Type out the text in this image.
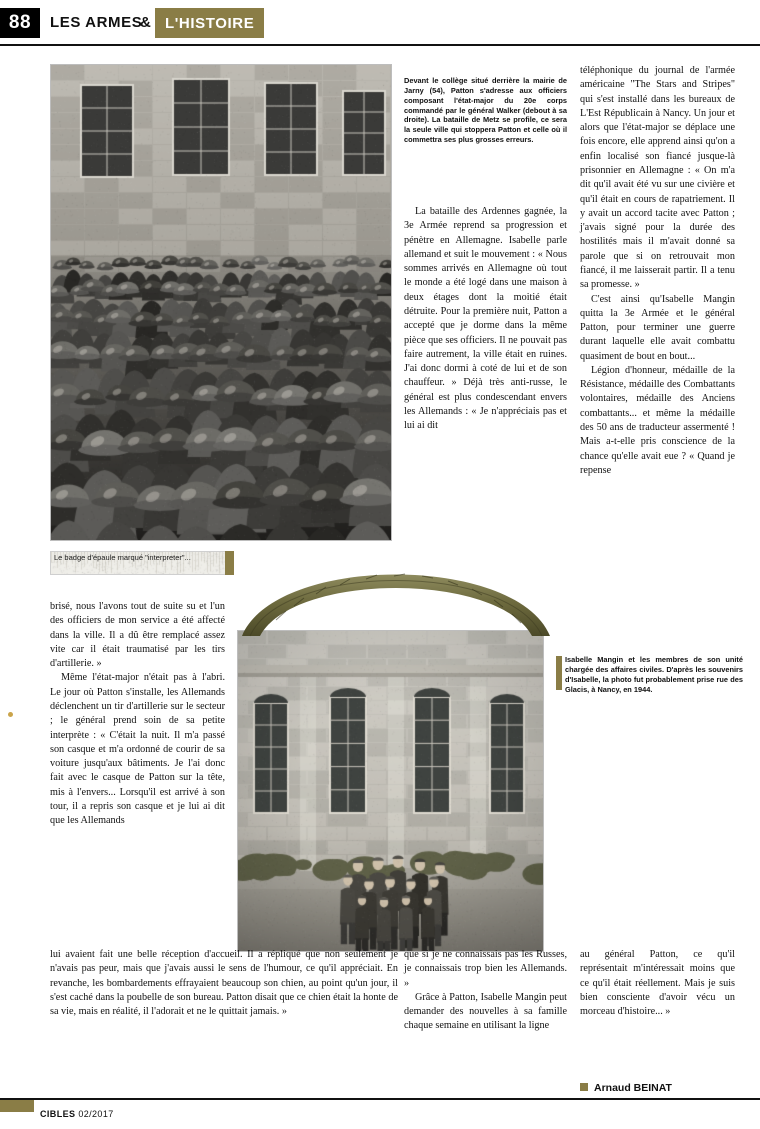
88	LES ARMES
& L'HISTOIRE
Devant le collège situé derrière la mairie de Jarny (54), Patton s'adresse aux officiers composant l'état-major du 20e corps commandé par le général Walker (debout à sa droite). La bataille de Metz se profile, ce sera la seule ville qui stoppera Patton et celle où il commettra ses plus grosses erreurs.

téléphonique du journal de l'armée américaine "The Stars and Stripes" qui s'est installé dans les bureaux de L'Est Républicain à Nancy. Un jour et alors que l'état-major se déplace une fois encore, elle apprend ainsi qu'on a enfin localisé son fiancé jusque-là prisonnier en Allemagne : « On m'a dit qu'il avait été vu sur une civière et qu'il était en cours de rapatriement. Il y avait un accord tacite avec Patton ; j'avais signé pour la durée des hostilités mais il m'avait donné sa parole que si on retrouvait mon fiancé, il me laisserait partir. Il a tenu sa promesse. »

C'est ainsi qu'Isabelle Mangin quitta la 3e Armée et le général Patton, pour terminer une guerre durant laquelle elle avait combattu quasiment de bout en bout...

Légion d'honneur, médaille de la Résistance, médaille des Combattants volontaires, médaille des Anciens combattants... et même la médaille des 50 ans de traducteur assermenté ! Mais a-t-elle pris conscience de la chance qu'elle avait eue ? « Quand je repense

La bataille des Ardennes gagnée, la 3e Armée reprend sa progression et pénètre en Allemagne. Isabelle parle allemand et suit le mouvement : « Nous sommes arrivés en Allemagne où tout le monde a été logé dans une maison à deux étages dont la moitié était détruite. Pour la première nuit, Patton a accepté que je dorme dans la même pièce que ses officiers. Il ne pouvait pas faire autrement, la ville était en ruines. J'ai donc dormi à coté de lui et de son chauffeur. » Déjà très anti-russe, le général est plus condescendant envers les Allemands : « Je n'appréciais pas et lui ai dit

Le badge d'épaule marqué "interpreter"...

brisé, nous l'avons tout de suite su et l'un des officiers de mon service a été affecté dans la ville. Il a dû être remplacé assez vite car il était traumatisé par les tirs d'artillerie. »

Même l'état-major n'était pas à l'abri. Le jour où Patton s'installe, les Allemands déclenchent un tir d'artillerie sur le secteur ; le général prend soin de sa petite interprète : « C'était la nuit. Il m'a passé son casque et m'a ordonné de courir de sa voiture jusqu'aux bâtiments. Je l'ai donc fait avec le casque de Patton sur la tête, mis à l'envers... Lorsqu'il est arrivé à son tour, il a repris son casque et je lui ai dit que les Allemands

Isabelle Mangin et les membres de son unité chargée des affaires civiles. D'après les souvenirs d'Isabelle, la photo fut probablement prise rue des Glacis, à Nancy, en 1944.

lui avaient fait une belle réception d'accueil. Il a répliqué que non seulement je n'avais pas peur, mais que j'avais aussi le sens de l'humour, ce qu'il appréciait. En revanche, les bombardements effrayaient beaucoup son chien, au point qu'un jour, il s'est caché dans la poubelle de son bureau. Patton disait que ce chien était la honte de sa vie, mais en réalité, il l'adorait et ne le quittait jamais. »

que si je ne connaissais pas les Russes, je connaissais trop bien les Allemands. »

Grâce à Patton, Isabelle Mangin peut demander des nouvelles à sa famille chaque semaine en utilisant la ligne

au général Patton, ce qu'il représentait m'intéressait moins que ce qu'il était réellement. Mais je suis bien consciente d'avoir vécu un morceau d'histoire... »

Arnaud BEINAT
CIBLES 02/2017
